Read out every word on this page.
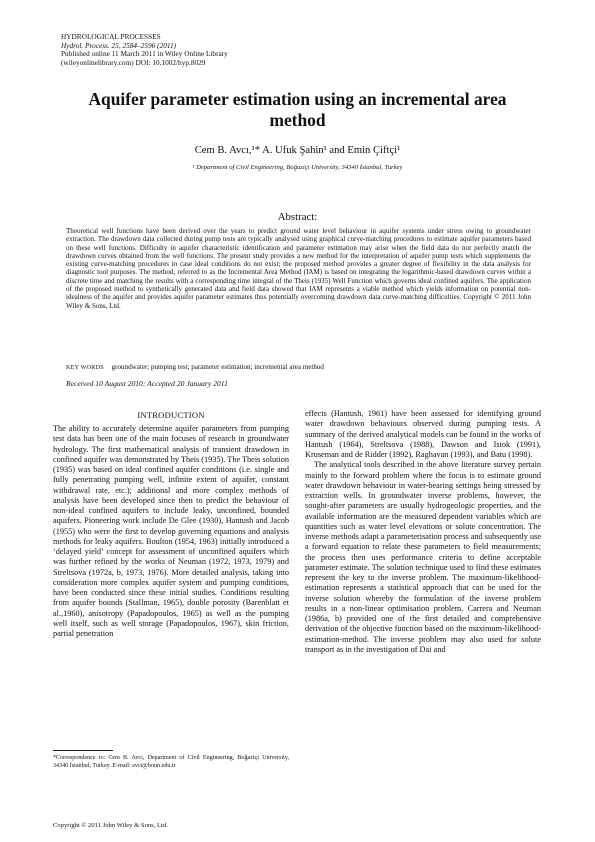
HYDROLOGICAL PROCESSES
Hydrol. Process. 25, 2584–2596 (2011)
Published online 11 March 2011 in Wiley Online Library
(wileyonlinelibrary.com) DOI: 10.1002/hyp.8029
Aquifer parameter estimation using an incremental area method
Cem B. Avcı,¹* A. Ufuk Şahin¹ and Emin Çiftçi¹
¹ Department of Civil Engineering, Boğaziçi University, 34340 İstanbul, Turkey
Abstract:
Theoretical well functions have been derived over the years to predict ground water level behaviour in aquifer systems under stress owing to groundwater extraction. The drawdown data collected during pump tests are typically analysed using graphical curve-matching procedures to estimate aquifer parameters based on these well functions. Difficulty in aquifer characteristic identification and parameter estimation may arise when the field data do not perfectly match the drawdown curves obtained from the well functions. The present study provides a new method for the interpretation of aquifer pump tests which supplements the existing curve-matching procedures in case ideal conditions do not exist; the proposed method provides a greater degree of flexibility in the data analysis for diagnostic tool purposes. The method, referred to as the Incremental Area Method (IAM) is based on integrating the logarithmic-based drawdown curves within a discrete time and matching the results with a corresponding time integral of the Theis (1935) Well Function which governs ideal confined aquifers. The application of the proposed method to synthetically generated data and field data showed that IAM represents a viable method which yields information on potential non-idealness of the aquifer and provides aquifer parameter estimates thus potentially overcoming drawdown data curve-matching difficulties. Copyright © 2011 John Wiley & Sons, Ltd.
KEY WORDS groundwater; pumping test; parameter estimation; incremental area method
Received 10 August 2010; Accepted 20 January 2011
INTRODUCTION

The ability to accurately determine aquifer parameters from pumping test data has been one of the main focuses of research in groundwater hydrology. The first mathematical analysis of transient drawdown in confined aquifer was demonstrated by Theis (1935). The Theis solution (1935) was based on ideal confined aquifer conditions (i.e. single and fully penetrating pumping well, infinite extent of aquifer, constant withdrawal rate, etc.); additional and more complex methods of analysis have been developed since then to predict the behaviour of non-ideal confined aquifers to include leaky, unconfined, bounded aquifers. Pioneering work include De Glee (1930), Hantush and Jacob (1955) who were the first to develop governing equations and analysis methods for leaky aquifers. Boulton (1954, 1963) initially introduced a ‘delayed yield’ concept for assessment of unconfined aquifers which was further refined by the works of Neuman (1972, 1973, 1979) and Streltsova (1972a, b, 1973, 1976). More detailed analysis, taking into consideration more complex aquifer system and pumping conditions, have been conducted since these initial studies. Conditions resulting from aquifer bounds (Stallman, 1965), double porosity (Barenblatt et al.,1960), anisotropy (Papadopoulos, 1965) as well as the pumping well itself, such as well storage (Papadopoulos, 1967), skin friction, partial penetration

effects (Hantush, 1961) have been assessed for identifying ground water drawdown behaviours observed during pumping tests. A summary of the derived analytical models can be found in the works of Hantush (1964), Streltsova (1988), Dawson and Istok (1991), Kruseman and de Ridder (1992), Raghavan (1993), and Batu (1998).

The analytical tools described in the above literature survey pertain mainly to the forward problem where the focus is to estimate ground water drawdown behaviour in water-bearing settings being stressed by extraction wells. In groundwater inverse problems, however, the sought-after parameters are usually hydrogeologic properties, and the available information are the measured dependent variables which are quantities such as water level elevations or solute concentration. The inverse methods adapt a parameterisation process and subsequently use a forward equation to relate these parameters to field measurements; the process then uses performance criteria to define acceptable parameter estimate. The solution technique used to find these estimates represent the key to the inverse problem. The maximum-likelihood-estimation represents a statistical approach that can be used for the inverse solution whereby the formulation of the inverse problem results in a non-linear optimisation problem. Carrera and Neuman (1986a, b) provided one of the first detailed and comprehensive derivation of the objective function based on the maximum-likelihood-estimation-method. The inverse problem may also used for solute transport as in the investigation of Dai and

*Correspondence to: Cem B. Avcı, Department of Civil Engineering, Boğaziçi University, 34340 İstanbul, Turkey. E-mail: avci@boun.edu.tr
Copyright © 2011 John Wiley & Sons, Ltd.
